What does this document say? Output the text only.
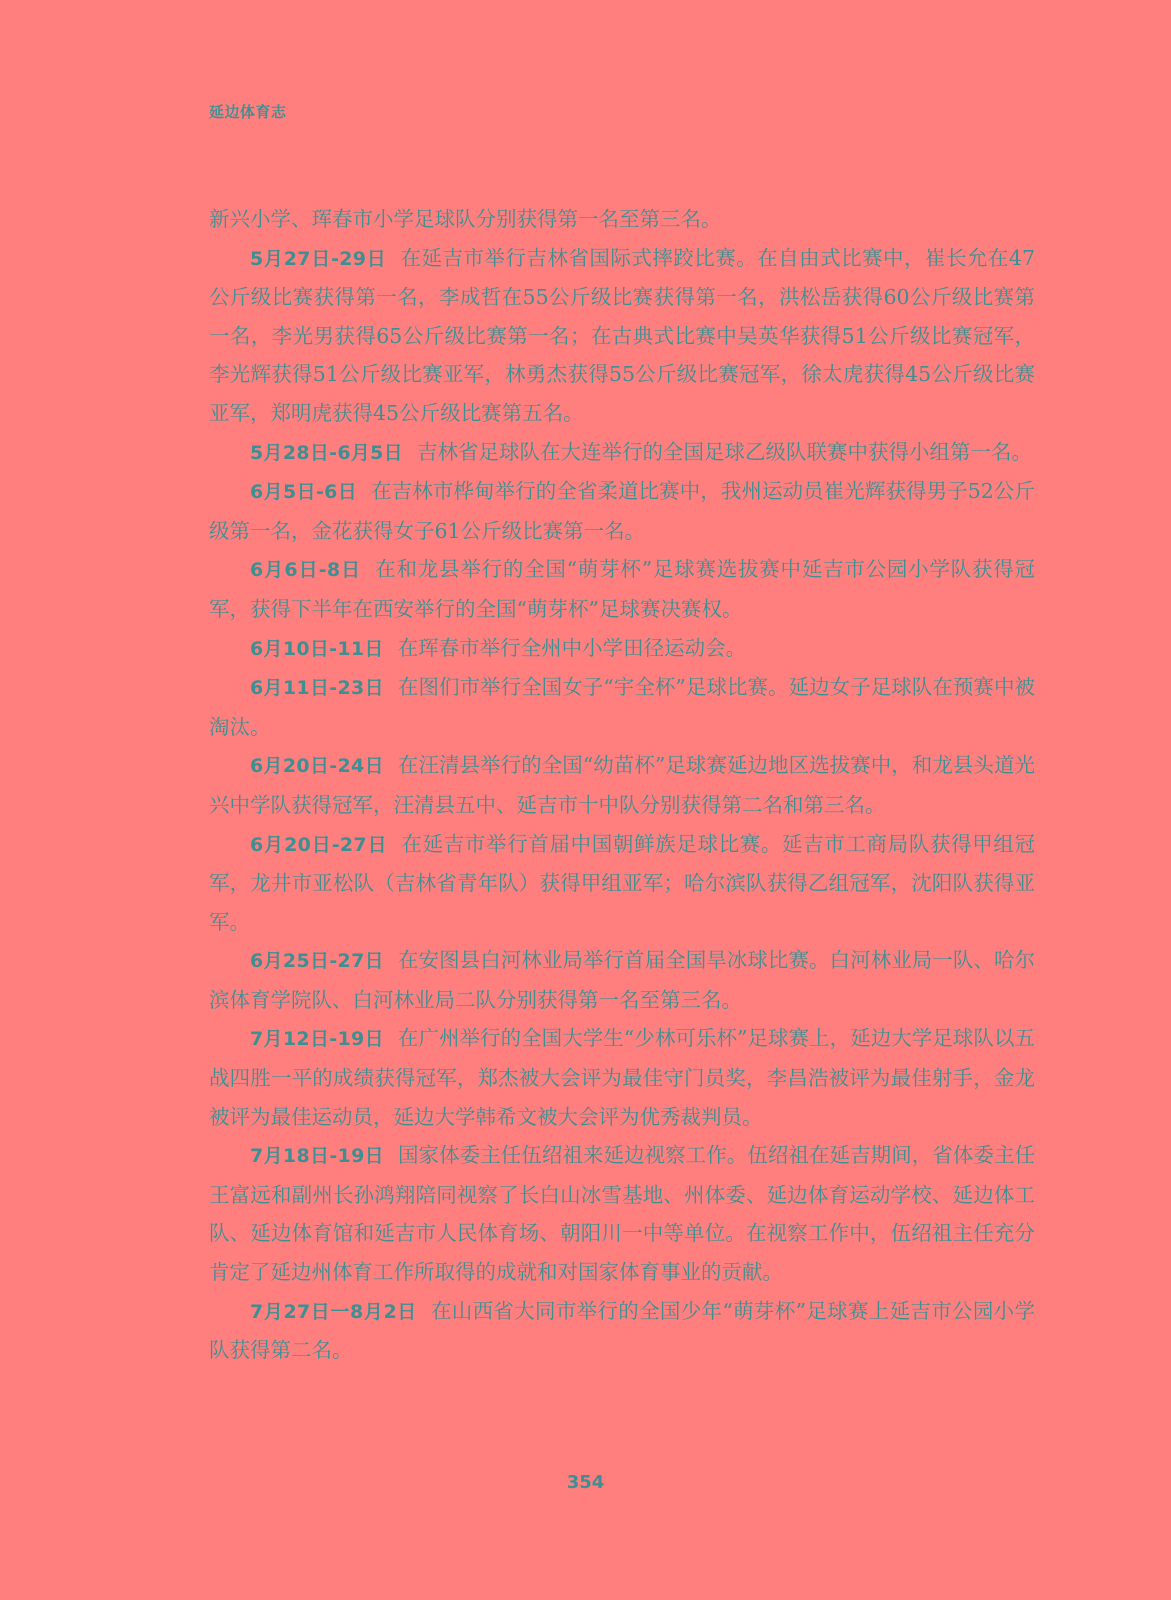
延边体育志

新兴小学、珲春市小学足球队分别获得第一名至第三名。

5月27日-29日 在延吉市举行吉林省国际式摔跤比赛。在自由式比赛中，崔长允在47公斤级比赛获得第一名，李成哲在55公斤级比赛获得第一名，洪松岳获得60公斤级比赛第一名，李光男获得65公斤级比赛第一名；在古典式比赛中吴英华获得51公斤级比赛冠军，李光辉获得51公斤级比赛亚军，林勇杰获得55公斤级比赛冠军，徐太虎获得45公斤级比赛亚军，郑明虎获得45公斤级比赛第五名。

5月28日-6月5日 吉林省足球队在大连举行的全国足球乙级队联赛中获得小组第一名。

6月5日-6日 在吉林市桦甸举行的全省柔道比赛中，我州运动员崔光辉获得男子52公斤级第一名，金花获得女子61公斤级比赛第一名。

6月6日-8日 在和龙县举行的全国“萌芽杯”足球赛选拔赛中延吉市公园小学队获得冠军，获得下半年在西安举行的全国“萌芽杯”足球赛决赛权。

6月10日-11日 在珲春市举行全州中小学田径运动会。

6月11日-23日 在图们市举行全国女子“宇全杯”足球比赛。延边女子足球队在预赛中被淘汰。

6月20日-24日 在汪清县举行的全国“幼苗杯”足球赛延边地区选拔赛中，和龙县头道光兴中学队获得冠军，汪清县五中、延吉市十中队分别获得第二名和第三名。

6月20日-27日 在延吉市举行首届中国朝鲜族足球比赛。延吉市工商局队获得甲组冠军，龙井市亚松队（吉林省青年队）获得甲组亚军；哈尔滨队获得乙组冠军，沈阳队获得亚军。

6月25日-27日 在安图县白河林业局举行首届全国旱冰球比赛。白河林业局一队、哈尔滨体育学院队、白河林业局二队分别获得第一名至第三名。

7月12日-19日 在广州举行的全国大学生“少林可乐杯”足球赛上，延边大学足球队以五战四胜一平的成绩获得冠军，郑杰被大会评为最佳守门员奖，李昌浩被评为最佳射手，金龙被评为最佳运动员，延边大学韩希文被大会评为优秀裁判员。

7月18日-19日 国家体委主任伍绍祖来延边视察工作。伍绍祖在延吉期间，省体委主任王富远和副州长孙鸿翔陪同视察了长白山冰雪基地、州体委、延边体育运动学校、延边体工队、延边体育馆和延吉市人民体育场、朝阳川一中等单位。在视察工作中，伍绍祖主任充分肯定了延边州体育工作所取得的成就和对国家体育事业的贡献。

7月27日一8月2日 在山西省大同市举行的全国少年“萌芽杯”足球赛上延吉市公园小学队获得第二名。

354
